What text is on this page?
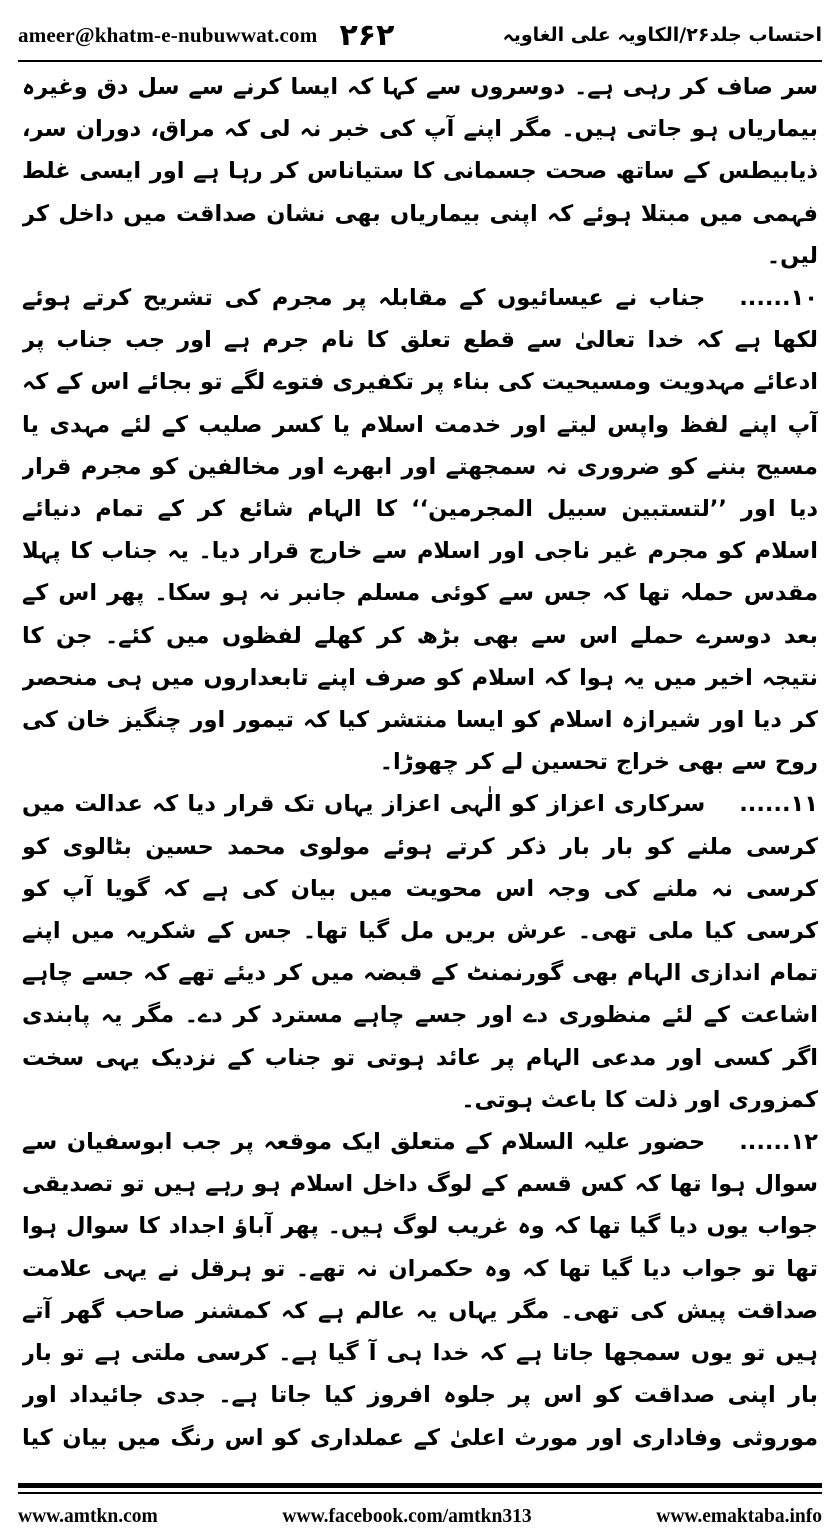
ameer@khatm-e-nubuwwat.com ۲۶۲	احتساب جلد۲۶/الکاویہ علی الغاویہ

سر صاف کر رہی ہے۔ دوسروں سے کہا کہ ایسا کرنے سے سل دق وغیرہ بیماریاں ہو جاتی ہیں۔ مگر اپنے آپ کی خبر نہ لی کہ مراق، دوران سر، ذیابیطس کے ساتھ صحت جسمانی کا ستیاناس کر رہا ہے اور ایسی غلط فہمی میں مبتلا ہوئے کہ اپنی بیماریاں بھی نشان صداقت میں داخل کر لیں۔

۱۰......جناب نے عیسائیوں کے مقابلہ پر مجرم کی تشریح کرتے ہوئے لکھا ہے کہ خدا تعالیٰ سے قطع تعلق کا نام جرم ہے اور جب جناب پر ادعائے مہدویت ومسیحیت کی بناء پر تکفیری فتوے لگے تو بجائے اس کے کہ آپ اپنے لفظ واپس لیتے اور خدمت اسلام یا کسر صلیب کے لئے مہدی یا مسیح بننے کو ضروری نہ سمجھتے اور ابھرے اور مخالفین کو مجرم قرار دیا اور ’’لتستبین سبیل المجرمین‘‘ کا الہام شائع کر کے تمام دنیائے اسلام کو مجرم غیر ناجی اور اسلام سے خارج قرار دیا۔ یہ جناب کا پہلا مقدس حملہ تھا کہ جس سے کوئی مسلم جانبر نہ ہو سکا۔ پھر اس کے بعد دوسرے حملے اس سے بھی بڑھ کر کھلے لفظوں میں کئے۔ جن کا نتیجہ اخیر میں یہ ہوا کہ اسلام کو صرف اپنے تابعداروں میں ہی منحصر کر دیا اور شیرازہ اسلام کو ایسا منتشر کیا کہ تیمور اور چنگیز خان کی روح سے بھی خراج تحسین لے کر چھوڑا۔

۱۱......سرکاری اعزاز کو الٰہی اعزاز یہاں تک قرار دیا کہ عدالت میں کرسی ملنے کو بار بار ذکر کرتے ہوئے مولوی محمد حسین بٹالوی کو کرسی نہ ملنے کی وجہ اس محویت میں بیان کی ہے کہ گویا آپ کو کرسی کیا ملی تھی۔ عرش بریں مل گیا تھا۔ جس کے شکریہ میں اپنے تمام اندازی الہام بھی گورنمنٹ کے قبضہ میں کر دیئے تھے کہ جسے چاہے اشاعت کے لئے منظوری دے اور جسے چاہے مسترد کر دے۔ مگر یہ پابندی اگر کسی اور مدعی الہام پر عائد ہوتی تو جناب کے نزدیک یہی سخت کمزوری اور ذلت کا باعث ہوتی۔

۱۲......حضور علیہ السلام کے متعلق ایک موقعہ پر جب ابوسفیان سے سوال ہوا تھا کہ کس قسم کے لوگ داخل اسلام ہو رہے ہیں تو تصدیقی جواب یوں دیا گیا تھا کہ وہ غریب لوگ ہیں۔ پھر آباؤ اجداد کا سوال ہوا تھا تو جواب دیا گیا تھا کہ وہ حکمران نہ تھے۔ تو ہرقل نے یہی علامت صداقت پیش کی تھی۔ مگر یہاں یہ عالم ہے کہ کمشنر صاحب گھر آتے ہیں تو یوں سمجھا جاتا ہے کہ خدا ہی آ گیا ہے۔ کرسی ملتی ہے تو بار بار اپنی صداقت کو اس پر جلوہ افروز کیا جاتا ہے۔ جدی جائیداد اور موروثی وفاداری اور مورث اعلیٰ کے عملداری کو اس رنگ میں بیان کیا

www.amtkn.com	www.facebook.com/amtkn313	www.emaktaba.info
